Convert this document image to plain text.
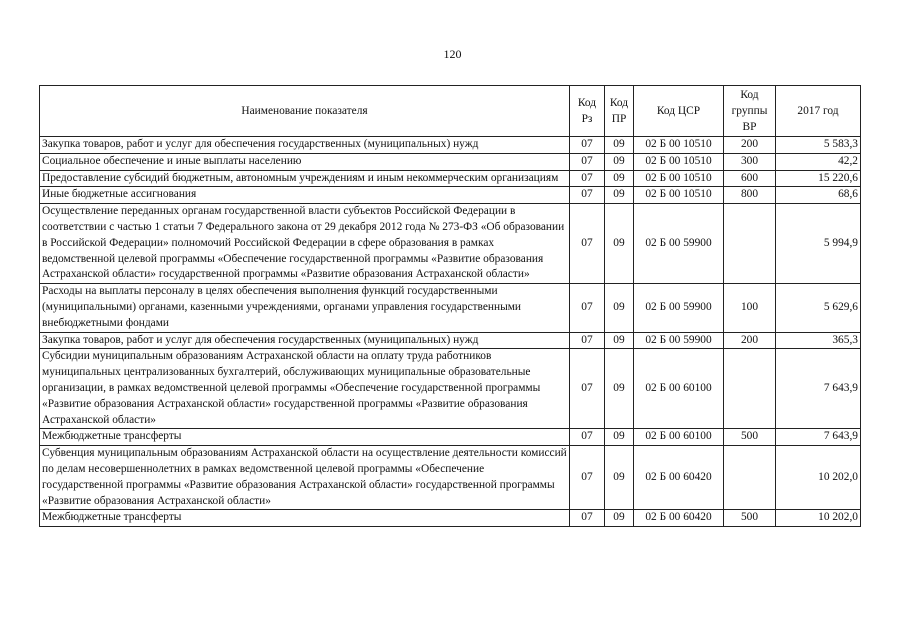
120
Наименование показателя	Код Рз	Код ПР	Код ЦСР	Код группы ВР	2017 год
Закупка товаров, работ и услуг для обеспечения государственных (муниципальных) нужд	07	09	02 Б 00 10510	200	5 583,3
Социальное обеспечение и иные выплаты населению	07	09	02 Б 00 10510	300	42,2
Предоставление субсидий бюджетным, автономным учреждениям и иным некоммерческим организациям	07	09	02 Б 00 10510	600	15 220,6
Иные бюджетные ассигнования	07	09	02 Б 00 10510	800	68,6
Осуществление переданных органам государственной власти субъектов Российской Федерации в соответствии с частью 1 статьи 7 Федерального закона от 29 декабря 2012 года № 273-ФЗ «Об образовании в Российской Федерации» полномочий Российской Федерации в сфере образования в рамках ведомственной целевой программы «Обеспечение государственной программы «Развитие образования Астраханской области» государственной программы «Развитие образования Астраханской области»	07	09	02 Б 00 59900		5 994,9
Расходы на выплаты персоналу в целях обеспечения выполнения функций государственными (муниципальными) органами, казенными учреждениями, органами управления государственными внебюджетными фондами	07	09	02 Б 00 59900	100	5 629,6
Закупка товаров, работ и услуг для обеспечения государственных (муниципальных) нужд	07	09	02 Б 00 59900	200	365,3
Субсидии муниципальным образованиям Астраханской области на оплату труда работников муниципальных централизованных бухгалтерий, обслуживающих муниципальные образовательные организации, в рамках ведомственной целевой программы «Обеспечение государственной программы «Развитие образования Астраханской области» государственной программы «Развитие образования Астраханской области»	07	09	02 Б 00 60100		7 643,9
Межбюджетные трансферты	07	09	02 Б 00 60100	500	7 643,9
Субвенция муниципальным образованиям Астраханской области на осуществление деятельности комиссий по делам несовершеннолетних в рамках ведомственной целевой программы «Обеспечение государственной программы «Развитие образования Астраханской области» государственной программы «Развитие образования Астраханской области»	07	09	02 Б 00 60420		10 202,0
Межбюджетные трансферты	07	09	02 Б 00 60420	500	10 202,0
